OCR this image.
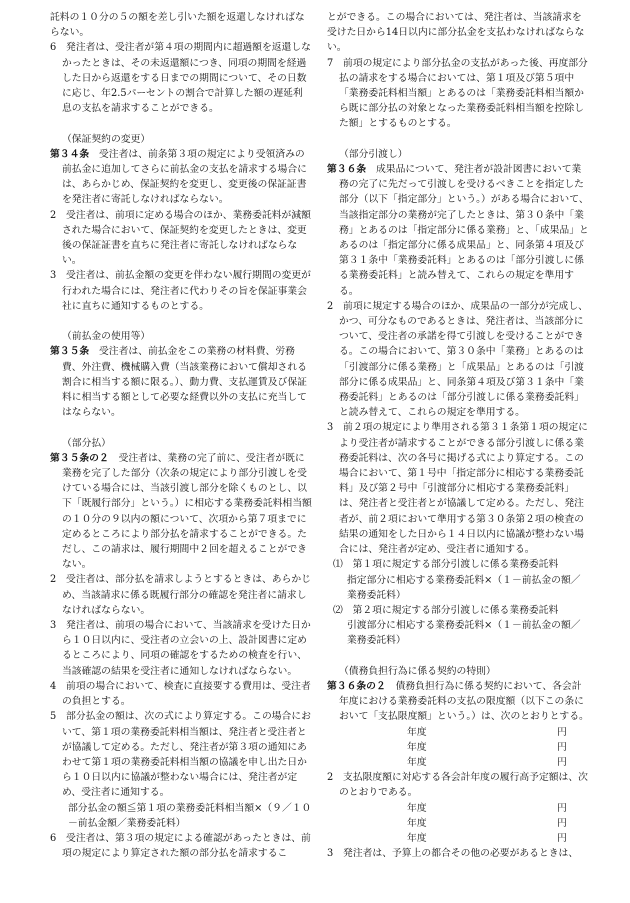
託料の１０分の５の額を差し引いた額を返還しなければならない。

6　 発注者は、受注者が第４項の期間内に超過額を返還しなかったときは、その未返還額につき、同項の期間を経過した日から返還をする日までの期間について、その日数に応じ、年2.5パーセントの割合で計算した額の遅延利息の支払を請求することができる。

（保証契約の変更）

第３４条　 受注者は、前条第３項の規定により受領済みの前払金に追加してさらに前払金の支払を請求する場合には、あらかじめ、保証契約を変更し、変更後の保証証書を発注者に寄託しなければならない。

2　 受注者は、前項に定める場合のほか、業務委託料が減額された場合において、保証契約を変更したときは、変更後の保証証書を直ちに発注者に寄託しなければならない。

3　 受注者は、前払金額の変更を伴わない履行期間の変更が行われた場合には、発注者に代わりその旨を保証事業会社に直ちに通知するものとする。

（前払金の使用等）

第３５条　 受注者は、前払金をこの業務の材料費、労務費、外注費、機械購入費（当該業務において償却される割合に相当する額に限る。）、動力費、支払運賃及び保証料に相当する額として必要な経費以外の支払に充当してはならない。

（部分払）

第３５条の２　 受注者は、業務の完了前に、受注者が既に業務を完了した部分（次条の規定により部分引渡しを受けている場合には、当該引渡し部分を除くものとし、以下「既履行部分」という。）に相応する業務委託料相当額の１０分の９以内の額について、次項から第７項までに定めるところにより部分払を請求することができる。ただし、この請求は、履行期間中２回を超えることができない。

2　 受注者は、部分払を請求しようとするときは、あらかじめ、当該請求に係る既履行部分の確認を発注者に請求しなければならない。

3　 発注者は、前項の場合において、当該請求を受けた日から１０日以内に、受注者の立会いの上、設計図書に定めるところにより、同項の確認をするための検査を行い、当該確認の結果を受注者に通知しなければならない。

4　 前項の場合において、検査に直接要する費用は、受注者の負担とする。

5　 部分払金の額は、次の式により算定する。この場合において、第１項の業務委託料相当額は、発注者と受注者とが協議して定める。ただし、発注者が第３項の通知にあわせて第１項の業務委託料相当額の協議を申し出た日から１０日以内に協議が整わない場合には、発注者が定め、受注者に通知する。

部分払金の額≦第１項の業務委託料相当額×（９／１０－前払金額／業務委託料）

6　 受注者は、第３項の規定による確認があったときは、前項の規定により算定された額の部分払を請求するこ

とができる。この場合においては、発注者は、当該請求を受けた日から14日以内に部分払金を支払わなければならない。

7　 前項の規定により部分払金の支払があった後、再度部分払の請求をする場合においては、第１項及び第５項中「業務委託料相当額」とあるのは「業務委託料相当額から既に部分払の対象となった業務委託料相当額を控除した額」とするものとする。

（部分引渡し）

第３６条　 成果品について、発注者が設計図書において業務の完了に先だって引渡しを受けるべきことを指定した部分（以下「指定部分」という。）がある場合において、当該指定部分の業務が完了したときは、第３０条中「業務」とあるのは「指定部分に係る業務」と、「成果品」とあるのは「指定部分に係る成果品」と、同条第４項及び第３１条中「業務委託料」とあるのは「部分引渡しに係る業務委託料」と読み替えて、これらの規定を準用する。

2　 前項に規定する場合のほか、成果品の一部分が完成し、かつ、可分なものであるときは、発注者は、当該部分について、受注者の承諾を得て引渡しを受けることができる。この場合において、第３０条中「業務」とあるのは「引渡部分に係る業務」と「成果品」とあるのは「引渡部分に係る成果品」と、同条第４項及び第３１条中「業務委託料」とあるのは「部分引渡しに係る業務委託料」と読み替えて、これらの規定を準用する。

3　 前２項の規定により準用される第３１条第１項の規定により受注者が請求することができる部分引渡しに係る業務委託料は、次の各号に掲げる式により算定する。この場合において、第１号中「指定部分に相応する業務委託料」及び第２号中「引渡部分に相応する業務委託料」は、発注者と受注者とが協議して定める。ただし、発注者が、前２項において準用する第３０条第２項の検査の結果の通知をした日から１４日以内に協議が整わない場合には、発注者が定め、受注者に通知する。

⑴　 第１項に規定する部分引渡しに係る業務委託料

指定部分に相応する業務委託料×（１－前払金の額／業務委託料）

⑵　 第２項に規定する部分引渡しに係る業務委託料

引渡部分に相応する業務委託料×（１－前払金の額／業務委託料）

（債務負担行為に係る契約の特則）

第３６条の２　 債務負担行為に係る契約において、各会計年度における業務委託料の支払の限度額（以下この条において「支払限度額」という。）は、次のとおりとする。

年度	円
年度	円
年度	円

2　 支払限度額に対応する各会計年度の履行高予定額は、次のとおりである。

年度	円
年度	円
年度	円

3　 発注者は、予算上の都合その他の必要があるときは、
